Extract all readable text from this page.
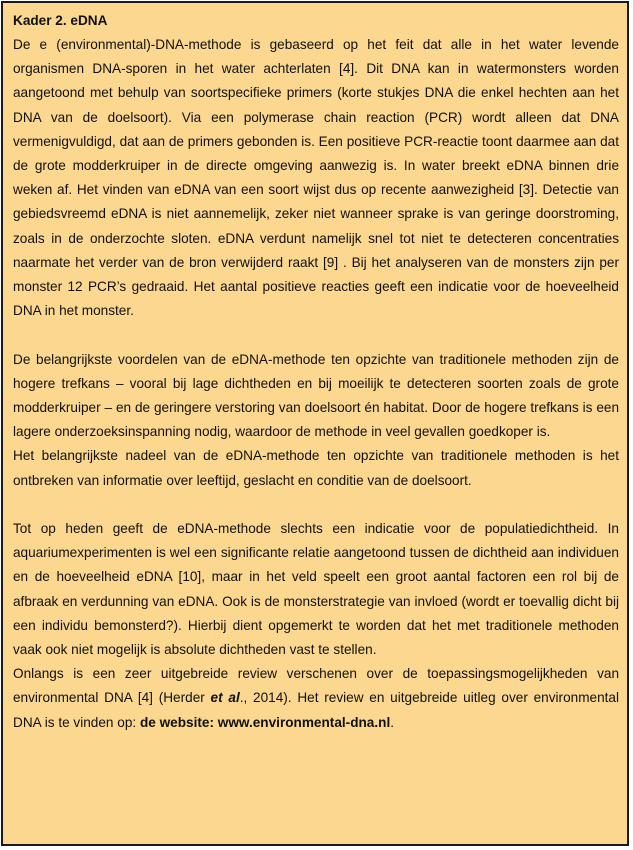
Kader 2. eDNA

De e (environmental)-DNA-methode is gebaseerd op het feit dat alle in het water levende organismen DNA-sporen in het water achterlaten [4]. Dit DNA kan in watermonsters worden aangetoond met behulp van soortspecifieke primers (korte stukjes DNA die enkel hechten aan het DNA van de doelsoort). Via een polymerase chain reaction (PCR) wordt alleen dat DNA vermenigvuldigd, dat aan de primers gebonden is. Een positieve PCR-reactie toont daarmee aan dat de grote modderkruiper in de directe omgeving aanwezig is. In water breekt eDNA binnen drie weken af. Het vinden van eDNA van een soort wijst dus op recente aanwezigheid [3]. Detectie van gebiedsvreemd eDNA is niet aannemelijk, zeker niet wanneer sprake is van geringe doorstroming, zoals in de onderzochte sloten. eDNA verdunt namelijk snel tot niet te detecteren concentraties naarmate het verder van de bron verwijderd raakt [9] . Bij het analyseren van de monsters zijn per monster 12 PCR’s gedraaid. Het aantal positieve reacties geeft een indicatie voor de hoeveelheid DNA in het monster.

De belangrijkste voordelen van de eDNA-methode ten opzichte van traditionele methoden zijn de hogere trefkans – vooral bij lage dichtheden en bij moeilijk te detecteren soorten zoals de grote modderkruiper – en de geringere verstoring van doelsoort én habitat. Door de hogere trefkans is een lagere onderzoeksinspanning nodig, waardoor de methode in veel gevallen goedkoper is.

Het belangrijkste nadeel van de eDNA-methode ten opzichte van traditionele methoden is het ontbreken van informatie over leeftijd, geslacht en conditie van de doelsoort.

Tot op heden geeft de eDNA-methode slechts een indicatie voor de populatiedichtheid. In aquariumexperimenten is wel een significante relatie aangetoond tussen de dichtheid aan individuen en de hoeveelheid eDNA [10], maar in het veld speelt een groot aantal factoren een rol bij de afbraak en verdunning van eDNA. Ook is de monsterstrategie van invloed (wordt er toevallig dicht bij een individu bemonsterd?). Hierbij dient opgemerkt te worden dat het met traditionele methoden vaak ook niet mogelijk is absolute dichtheden vast te stellen.

Onlangs is een zeer uitgebreide review verschenen over de toepassingsmogelijkheden van environmental DNA [4] (Herder et al., 2014). Het review en uitgebreide uitleg over environmental DNA is te vinden op: de website: www.environmental-dna.nl.
